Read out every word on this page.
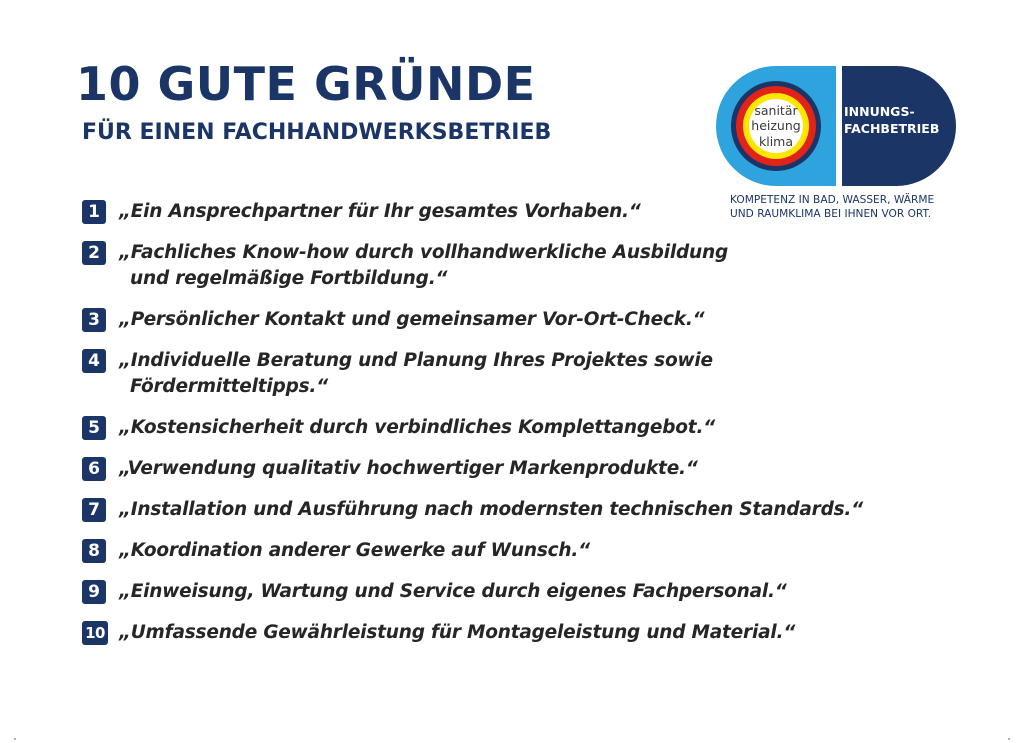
10 GUTE GRÜNDE
FÜR EINEN FACHHANDWERKSBETRIEB
sanitär
heizung
klima
INNUNGS-
FACHBETRIEB
KOMPETENZ IN BAD, WASSER, WÄRME
UND RAUMKLIMA BEI IHNEN VOR ORT.
1	„Ein Ansprechpartner für Ihr gesamtes Vorhaben.“
2	„Fachliches Know-how durch vollhandwerkliche Ausbildung
und regelmäßige Fortbildung.“
3	„Persönlicher Kontakt und gemeinsamer Vor-Ort-Check.“
4	„Individuelle Beratung und Planung Ihres Projektes sowie
Fördermitteltipps.“
5	„Kostensicherheit durch verbindliches Komplettangebot.“
6	„Verwendung qualitativ hochwertiger Markenprodukte.“
7	„Installation und Ausführung nach modernsten technischen Standards.“
8	„Koordination anderer Gewerke auf Wunsch.“
9	„Einweisung, Wartung und Service durch eigenes Fachpersonal.“
10 „Umfassende Gewährleistung für Montageleistung und Material.“
